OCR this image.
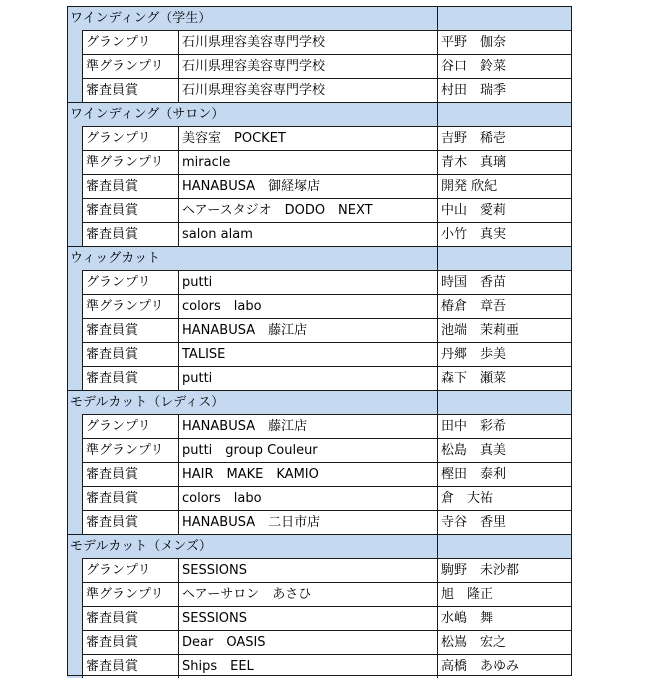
ワインディング（学生）
グランプリ	石川県理容美容専門学校	平野　伽奈
準グランプリ	石川県理容美容専門学校	谷口　鈴菜
審査員賞	石川県理容美容専門学校	村田　瑞季
ワインディング（サロン）
グランプリ	美容室　POCKET	吉野　稀壱
準グランプリ	miracle	青木　真璃
審査員賞	HANABUSA　御経塚店	開発 欣紀
審査員賞	ヘアースタジオ　DODO　NEXT	中山　愛莉
審査員賞	salon alam	小竹　真実
ウィッグカット
グランプリ	putti	時国　香苗
準グランプリ	colors　labo	椿倉　章吾
審査員賞	HANABUSA　藤江店	池端　茉莉亜
審査員賞	TALISE	丹郷　歩美
審査員賞	putti	森下　瀬菜
モデルカット（レディス）
グランプリ	HANABUSA　藤江店	田中　彩希
準グランプリ	putti　group Couleur	松島　真美
審査員賞	HAIR　MAKE　KAMIO	樫田　泰利
審査員賞	colors　labo	倉　大祐
審査員賞	HANABUSA　二日市店	寺谷　香里
モデルカット（メンズ）
グランプリ	SESSIONS	駒野　未沙都
準グランプリ	ヘアーサロン　あさひ	旭　隆正
審査員賞	SESSIONS	水嶋　舞
審査員賞	Dear　OASIS	松嶌　宏之
審査員賞	Ships　EEL	高橋　あゆみ
